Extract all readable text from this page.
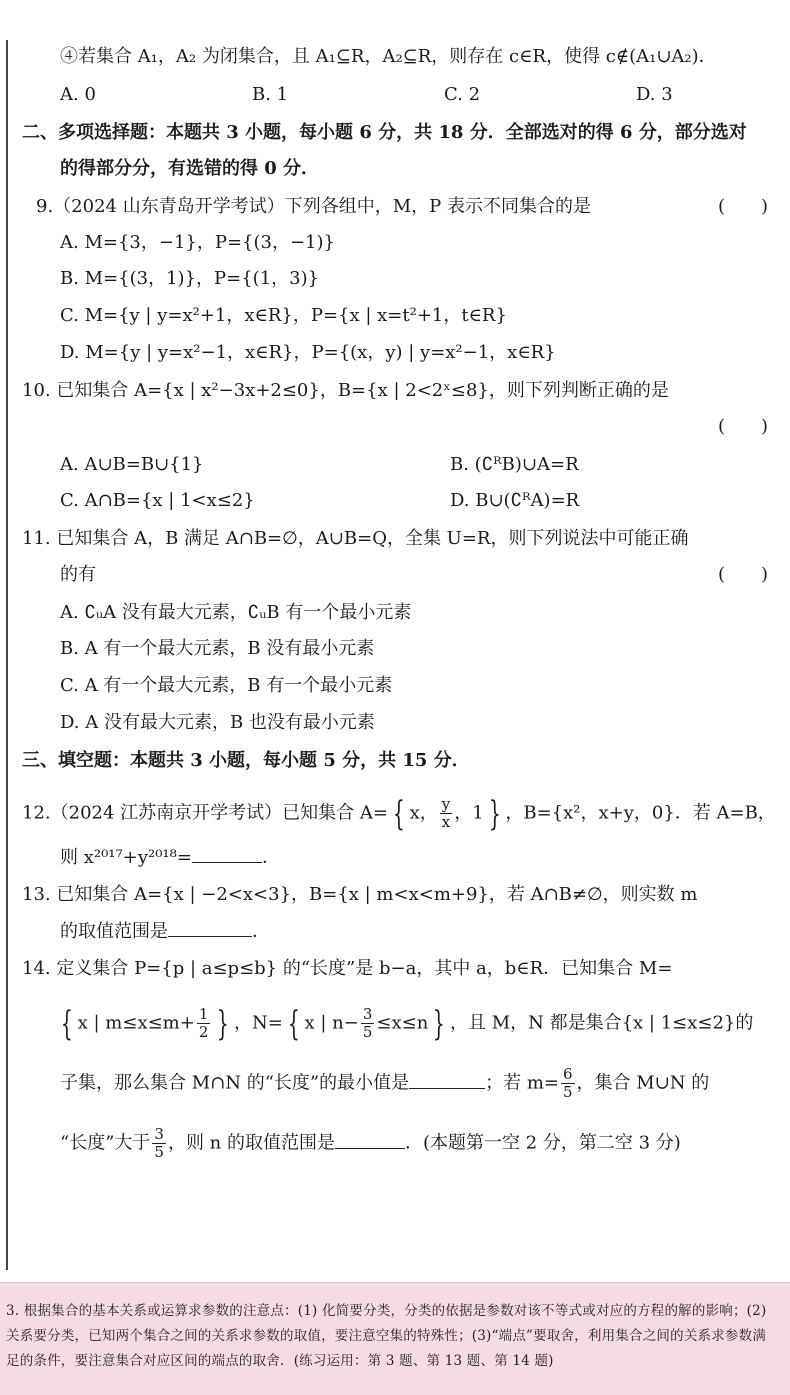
④若集合 A₁，A₂ 为闭集合，且 A₁⊆R，A₂⊆R，则存在 c∈R，使得 c∉(A₁∪A₂)．
A. 0	B. 1	C. 2	D. 3
二、多项选择题：本题共 3 小题，每小题 6 分，共 18 分．全部选对的得 6 分，部分选对
的得部分分，有选错的得 0 分．
9.（2024 山东青岛开学考试）下列各组中，M，P 表示不同集合的是	(　　)
A. M={3，−1}，P={(3，−1)}
B. M={(3，1)}，P={(1，3)}
C. M={y | y=x²+1，x∈R}，P={x | x=t²+1，t∈R}
D. M={y | y=x²−1，x∈R}，P={(x，y) | y=x²−1，x∈R}
10. 已知集合 A={x | x²−3x+2≤0}，B={x | 2<2ˣ≤8}，则下列判断正确的是
(　　)
A. A∪B=B∪{1}	B. (∁ᴿB)∪A=R
C. A∩B={x | 1<x≤2}	D. B∪(∁ᴿA)=R
11. 已知集合 A，B 满足 A∩B=∅，A∪B=Q，全集 U=R，则下列说法中可能正确
的有	(　　)
A. ∁ᵤA 没有最大元素，∁ᵤB 有一个最小元素
B. A 有一个最大元素，B 没有最小元素
C. A 有一个最大元素，B 有一个最小元素
D. A 没有最大元素，B 也没有最小元素
三、填空题：本题共 3 小题，每小题 5 分，共 15 分．
12.（2024 江苏南京开学考试）已知集合 A= { x， $\frac{y}{x}$ ，1 } ，B={x²，x+y，0}．若 A=B，
则 x²⁰¹⁷+y²⁰¹⁸=	．
13. 已知集合 A={x | −2<x<3}，B={x | m<x<m+9}，若 A∩B≠∅，则实数 m
的取值范围是	．
14. 定义集合 P={p | a≤p≤b} 的“长度”是 b−a，其中 a，b∈R．已知集合 M=
{ x | $m\le x\le m+ \frac{1}{2}$ } ，N= { x | $n- \frac{3}{5} \le x\le n$ } ，且 M，N 都是集合{x | 1≤x≤2}的
子集，那么集合 M∩N 的“长度”的最小值是	；若 $m= \frac{6}{5}$ ，集合 M∪N 的
“长度”大于 $\frac{3}{5}$ ，则 n 的取值范围是	．(本题第一空 2 分，第二空 3 分)
3. 根据集合的基本关系或运算求参数的注意点：(1) 化简要分类，分类的依据是参数对该不等式或对应的方程的解的影响；(2) 关系要分类，已知两个集合之间的关系求参数的取值，要注意空集的特殊性；(3)“端点”要取舍，利用集合之间的关系求参数满足的条件，要注意集合对应区间的端点的取舍．(练习运用：第 3 题、第 13 题、第 14 题)
